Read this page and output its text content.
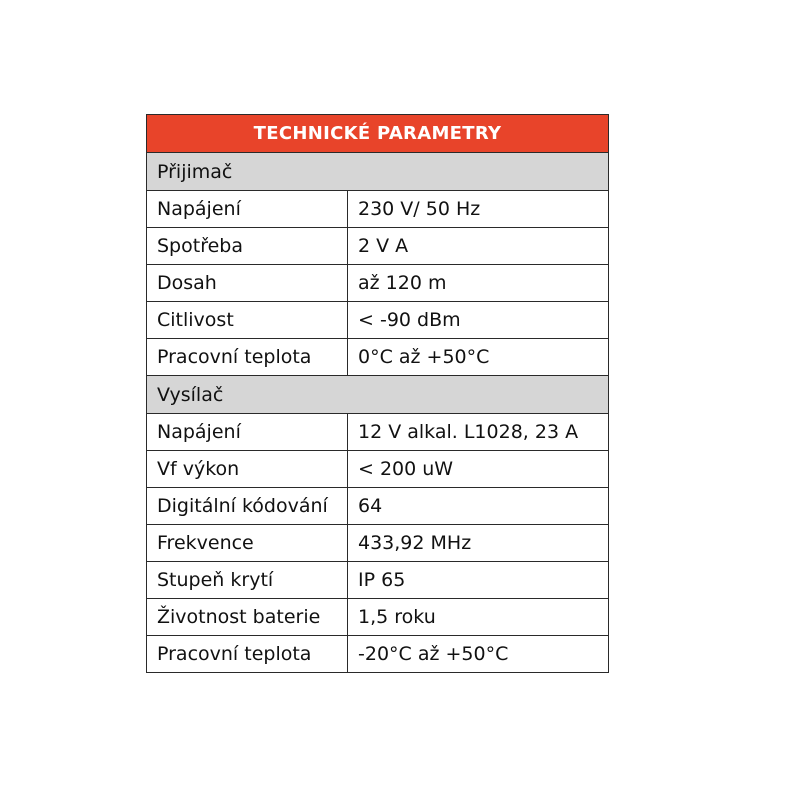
TECHNICKÉ PARAMETRY	
Přijimač	
Napájení	230 V/ 50 Hz
Spotřeba	2 V A
Dosah	až 120 m
Citlivost	< -90 dBm
Pracovní teplota	0°C až +50°C
Vysílač	
Napájení	12 V alkal. L1028, 23 A
Vf výkon	< 200 uW
Digitální kódování	64
Frekvence	433,92 MHz
Stupeň krytí	IP 65
Životnost baterie	1,5 roku
Pracovní teplota	-20°C až +50°C
